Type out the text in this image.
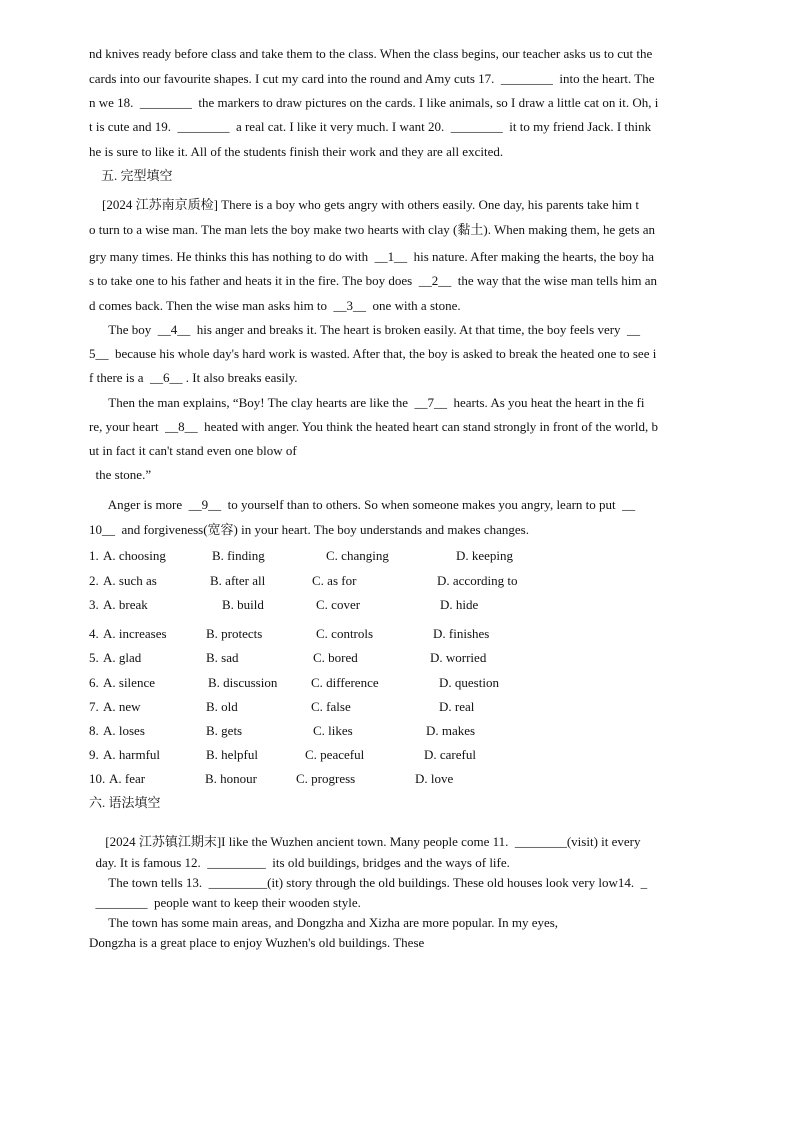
nd knives ready before class and take them to the class. When the class begins, our teacher asks us to cut the
cards into our favourite shapes. I cut my card into the round and Amy cuts 17.  ________  into the heart. The
n we 18.  ________  the markers to draw pictures on the cards. I like animals, so I draw a little cat on it. Oh, i
t is cute and 19.  ________  a real cat. I like it very much. I want 20.  ________  it to my friend Jack. I think
he is sure to like it. All of the students finish their work and they are all excited.
五. 完型填空
[2024 江苏南京质检] There is a boy who gets angry with others easily. One day, his parents take him t
o turn to a wise man. The man lets the boy make two hearts with clay (黏土). When making them, he gets an
gry many times. He thinks this has nothing to do with  __1__  his nature. After making the hearts, the boy ha
s to take one to his father and heats it in the fire. The boy does  __2__  the way that the wise man tells him an
d comes back. Then the wise man asks him to  __3__  one with a stone.
The boy  __4__  his anger and breaks it. The heart is broken easily. At that time, the boy feels very  __
5__  because his whole day's hard work is wasted. After that, the boy is asked to break the heated one to see i
f there is a  __6__ . It also breaks easily.
Then the man explains, “Boy! The clay hearts are like the  __7__  hearts. As you heat the heart in the fi
re, your heart  __8__  heated with anger. You think the heated heart can stand strongly in front of the world, b
ut in fact it can't stand even one blow of
the stone.”
Anger is more  __9__  to yourself than to others. So when someone makes you angry, learn to put  __
10__  and forgiveness(宽容) in your heart. The boy understands and makes changes.
1. A. choosing	B. finding	C. changing	D. keeping
2. A. such as	B. after all	C. as for	D. according to
3. A. break	B. build	C. cover	D. hide
4. A. increases	B. protects	C. controls	D. finishes
5. A. glad	B. sad	C. bored	D. worried
6. A. silence	B. discussion	C. difference	D. question
7. A. new	B. old	C. false	D. real
8. A. loses	B. gets	C. likes	D. makes
9. A. harmful	B. helpful	C. peaceful	D. careful
10. A. fear	B. honour	C. progress	D. love
六. 语法填空
[2024 江苏镇江期末]I like the Wuzhen ancient town. Many people come 11.  ________(visit) it every
day. It is famous 12.  _________  its old buildings, bridges and the ways of life.
The town tells 13.  _________(it) story through the old buildings. These old houses look very low14.  _
________  people want to keep their wooden style.
The town has some main areas, and Dongzha and Xizha are more popular. In my eyes,
Dongzha is a great place to enjoy Wuzhen's old buildings. These
